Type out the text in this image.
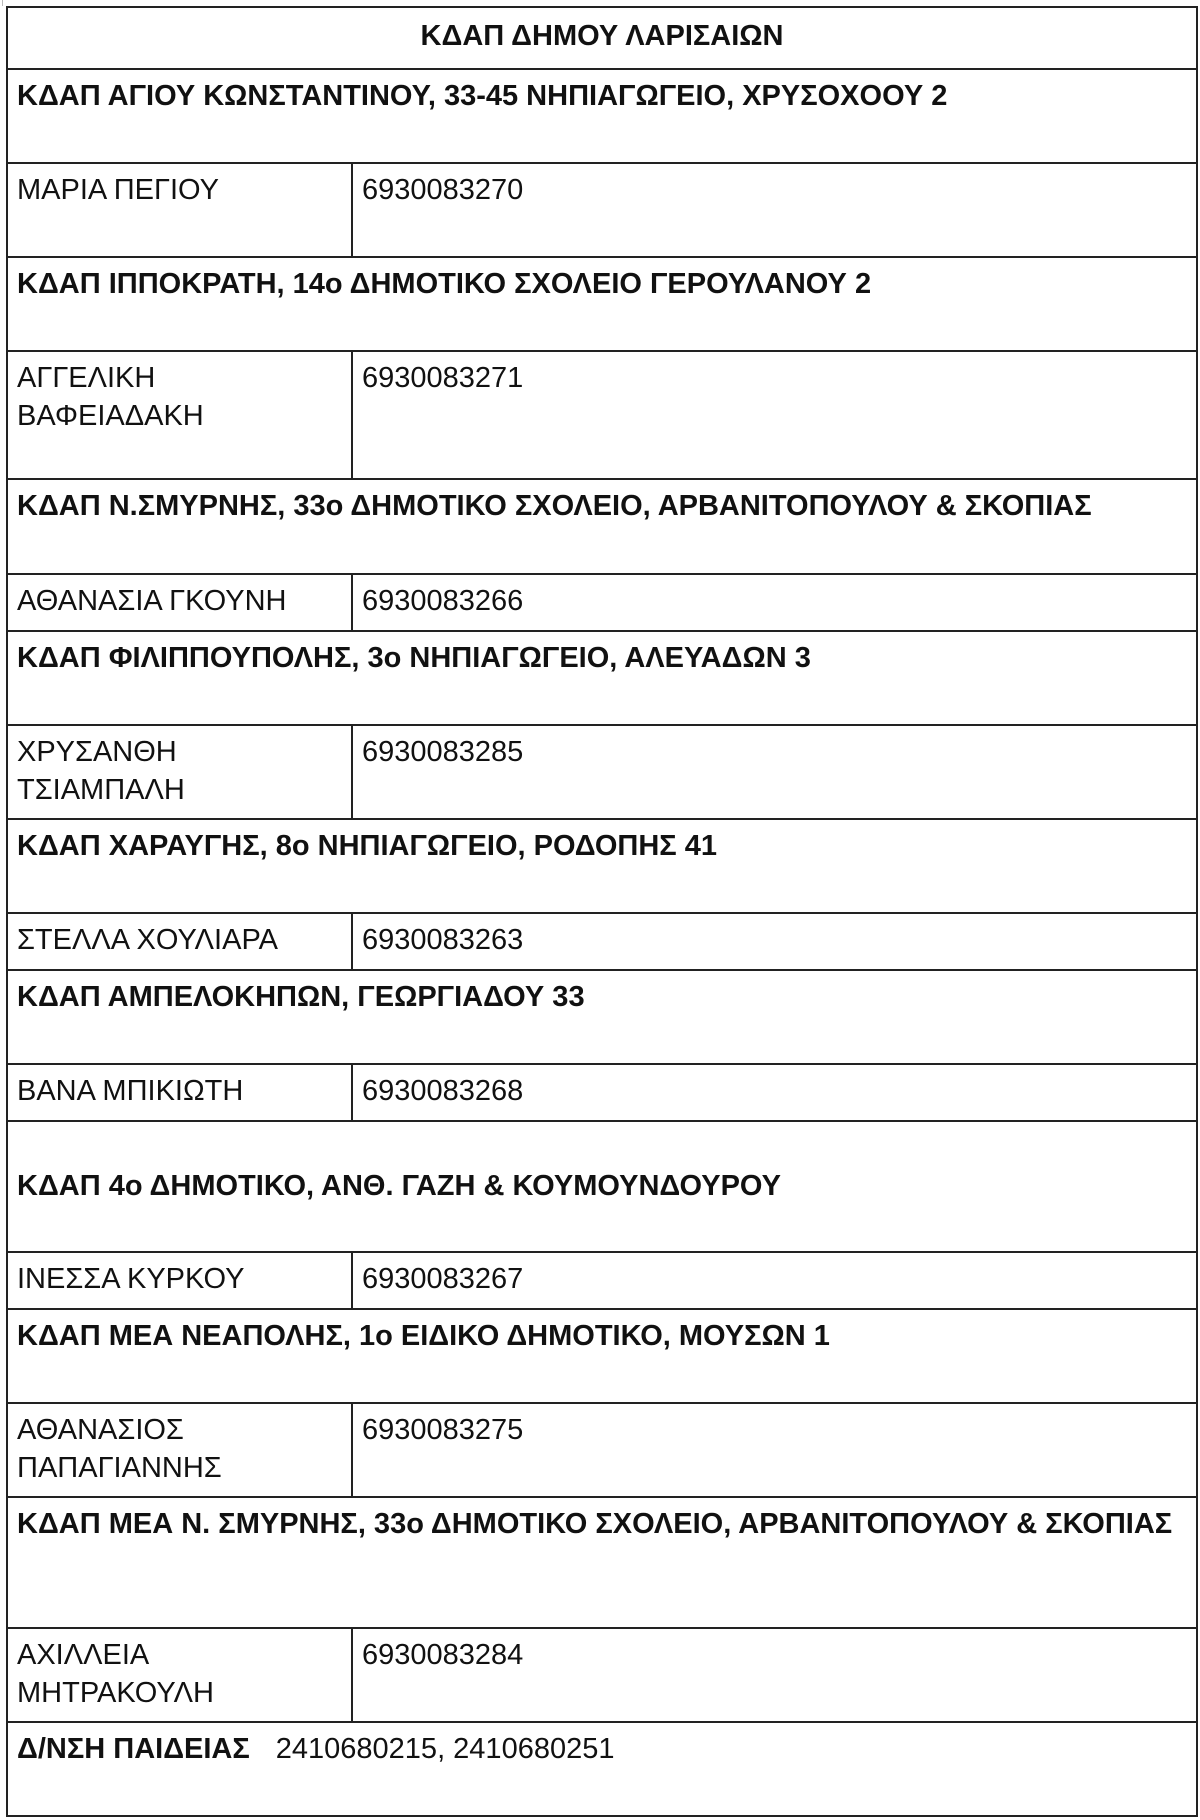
ΚΔΑΠ ΔΗΜΟΥ ΛΑΡΙΣΑΙΩΝ	
ΚΔΑΠ ΑΓΙΟΥ ΚΩΝΣΤΑΝΤΙΝΟΥ, 33-45 ΝΗΠΙΑΓΩΓΕΙΟ, ΧΡΥΣΟΧΟΟΥ 2	
ΜΑΡΙΑ ΠΕΓΙΟΥ	6930083270
ΚΔΑΠ ΙΠΠΟΚΡΑΤΗ, 14ο ΔΗΜΟΤΙΚΟ ΣΧΟΛΕΙΟ ΓΕΡΟΥΛΑΝΟΥ 2	
ΑΓΓΕΛΙΚΗ ΒΑΦΕΙΑΔΑΚΗ	6930083271
ΚΔΑΠ Ν.ΣΜΥΡΝΗΣ, 33ο ΔΗΜΟΤΙΚΟ ΣΧΟΛΕΙΟ, ΑΡΒΑΝΙΤΟΠΟΥΛΟΥ & ΣΚΟΠΙΑΣ	
ΑΘΑΝΑΣΙΑ ΓΚΟΥΝΗ	6930083266
ΚΔΑΠ ΦΙΛΙΠΠΟΥΠΟΛΗΣ, 3ο ΝΗΠΙΑΓΩΓΕΙΟ, ΑΛΕΥΑΔΩΝ 3	
ΧΡΥΣΑΝΘΗ ΤΣΙΑΜΠΑΛΗ	6930083285
ΚΔΑΠ ΧΑΡΑΥΓΗΣ, 8ο ΝΗΠΙΑΓΩΓΕΙΟ, ΡΟΔΟΠΗΣ 41	
ΣΤΕΛΛΑ ΧΟΥΛΙΑΡΑ	6930083263
ΚΔΑΠ ΑΜΠΕΛΟΚΗΠΩΝ, ΓΕΩΡΓΙΑΔΟΥ 33	
ΒΑΝΑ ΜΠΙΚΙΩΤΗ	6930083268
ΚΔΑΠ 4ο ΔΗΜΟΤΙΚΟ, ΑΝΘ. ΓΑΖΗ & ΚΟΥΜΟΥΝΔΟΥΡΟΥ	
ΙΝΕΣΣΑ ΚΥΡΚΟΥ	6930083267
ΚΔΑΠ ΜΕΑ ΝΕΑΠΟΛΗΣ, 1ο ΕΙΔΙΚΟ ΔΗΜΟΤΙΚΟ, ΜΟΥΣΩΝ 1	
ΑΘΑΝΑΣΙΟΣ ΠΑΠΑΓΙΑΝΝΗΣ	6930083275
ΚΔΑΠ ΜΕΑ Ν. ΣΜΥΡΝΗΣ, 33ο ΔΗΜΟΤΙΚΟ ΣΧΟΛΕΙΟ, ΑΡΒΑΝΙΤΟΠΟΥΛΟΥ & ΣΚΟΠΙΑΣ	
ΑΧΙΛΛΕΙΑ ΜΗΤΡΑΚΟΥΛΗ	6930083284
Δ/ΝΣΗ ΠΑΙΔΕΙΑΣ 2410680215, 2410680251	
